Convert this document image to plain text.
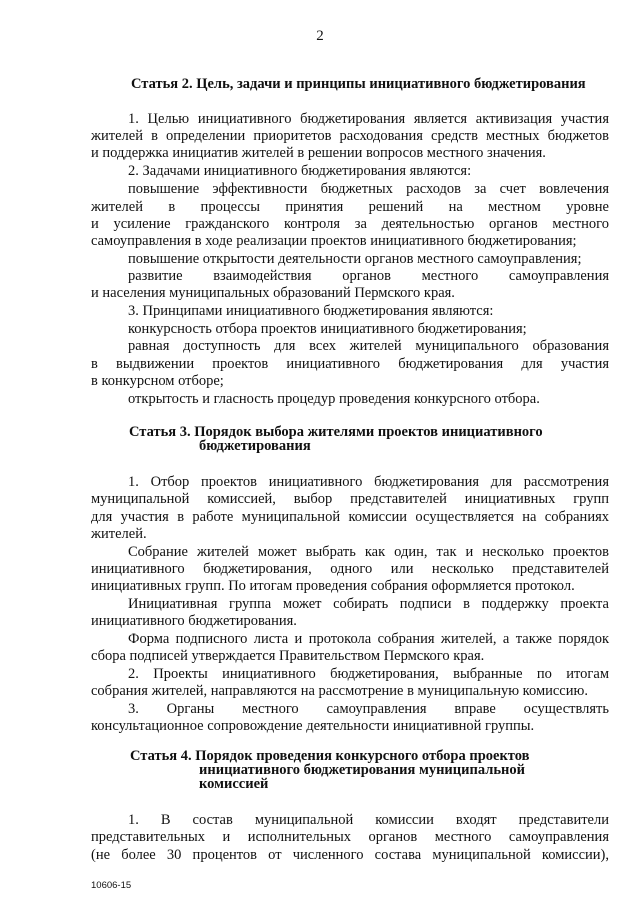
2
Статья 2. Цель, задачи и принципы инициативного бюджетирования
1. Целью инициативного бюджетирования является активизация участия
жителей в определении приоритетов расходования средств местных бюджетов
и поддержка инициатив жителей в решении вопросов местного значения.
2. Задачами инициативного бюджетирования являются:
повышение эффективности бюджетных расходов за счет вовлечения
жителей в процессы принятия решений на местном уровне
и усиление гражданского контроля за деятельностью органов местного
самоуправления в ходе реализации проектов инициативного бюджетирования;
повышение открытости деятельности органов местного самоуправления;
развитие взаимодействия органов местного самоуправления
и населения муниципальных образований Пермского края.
3. Принципами инициативного бюджетирования являются:
конкурсность отбора проектов инициативного бюджетирования;
равная доступность для всех жителей муниципального образования
в выдвижении проектов инициативного бюджетирования для участия
в конкурсном отборе;
открытость и гласность процедур проведения конкурсного отбора.
Статья 3. Порядок выбора жителями проектов инициативного
бюджетирования
1. Отбор проектов инициативного бюджетирования для рассмотрения
муниципальной комиссией, выбор представителей инициативных групп
для участия в работе муниципальной комиссии осуществляется на собраниях
жителей.
Собрание жителей может выбрать как один, так и несколько проектов
инициативного бюджетирования, одного или несколько представителей
инициативных групп. По итогам проведения собрания оформляется протокол.
Инициативная группа может собирать подписи в поддержку проекта
инициативного бюджетирования.
Форма подписного листа и протокола собрания жителей, а также порядок
сбора подписей утверждается Правительством Пермского края.
2. Проекты инициативного бюджетирования, выбранные по итогам
собрания жителей, направляются на рассмотрение в муниципальную комиссию.
3. Органы местного самоуправления вправе осуществлять
консультационное сопровождение деятельности инициативной группы.
Статья 4. Порядок проведения конкурсного отбора проектов
инициативного бюджетирования муниципальной
комиссией
1. В состав муниципальной комиссии входят представители
представительных и исполнительных органов местного самоуправления
(не более 30 процентов от численного состава муниципальной комиссии),
10606-15
